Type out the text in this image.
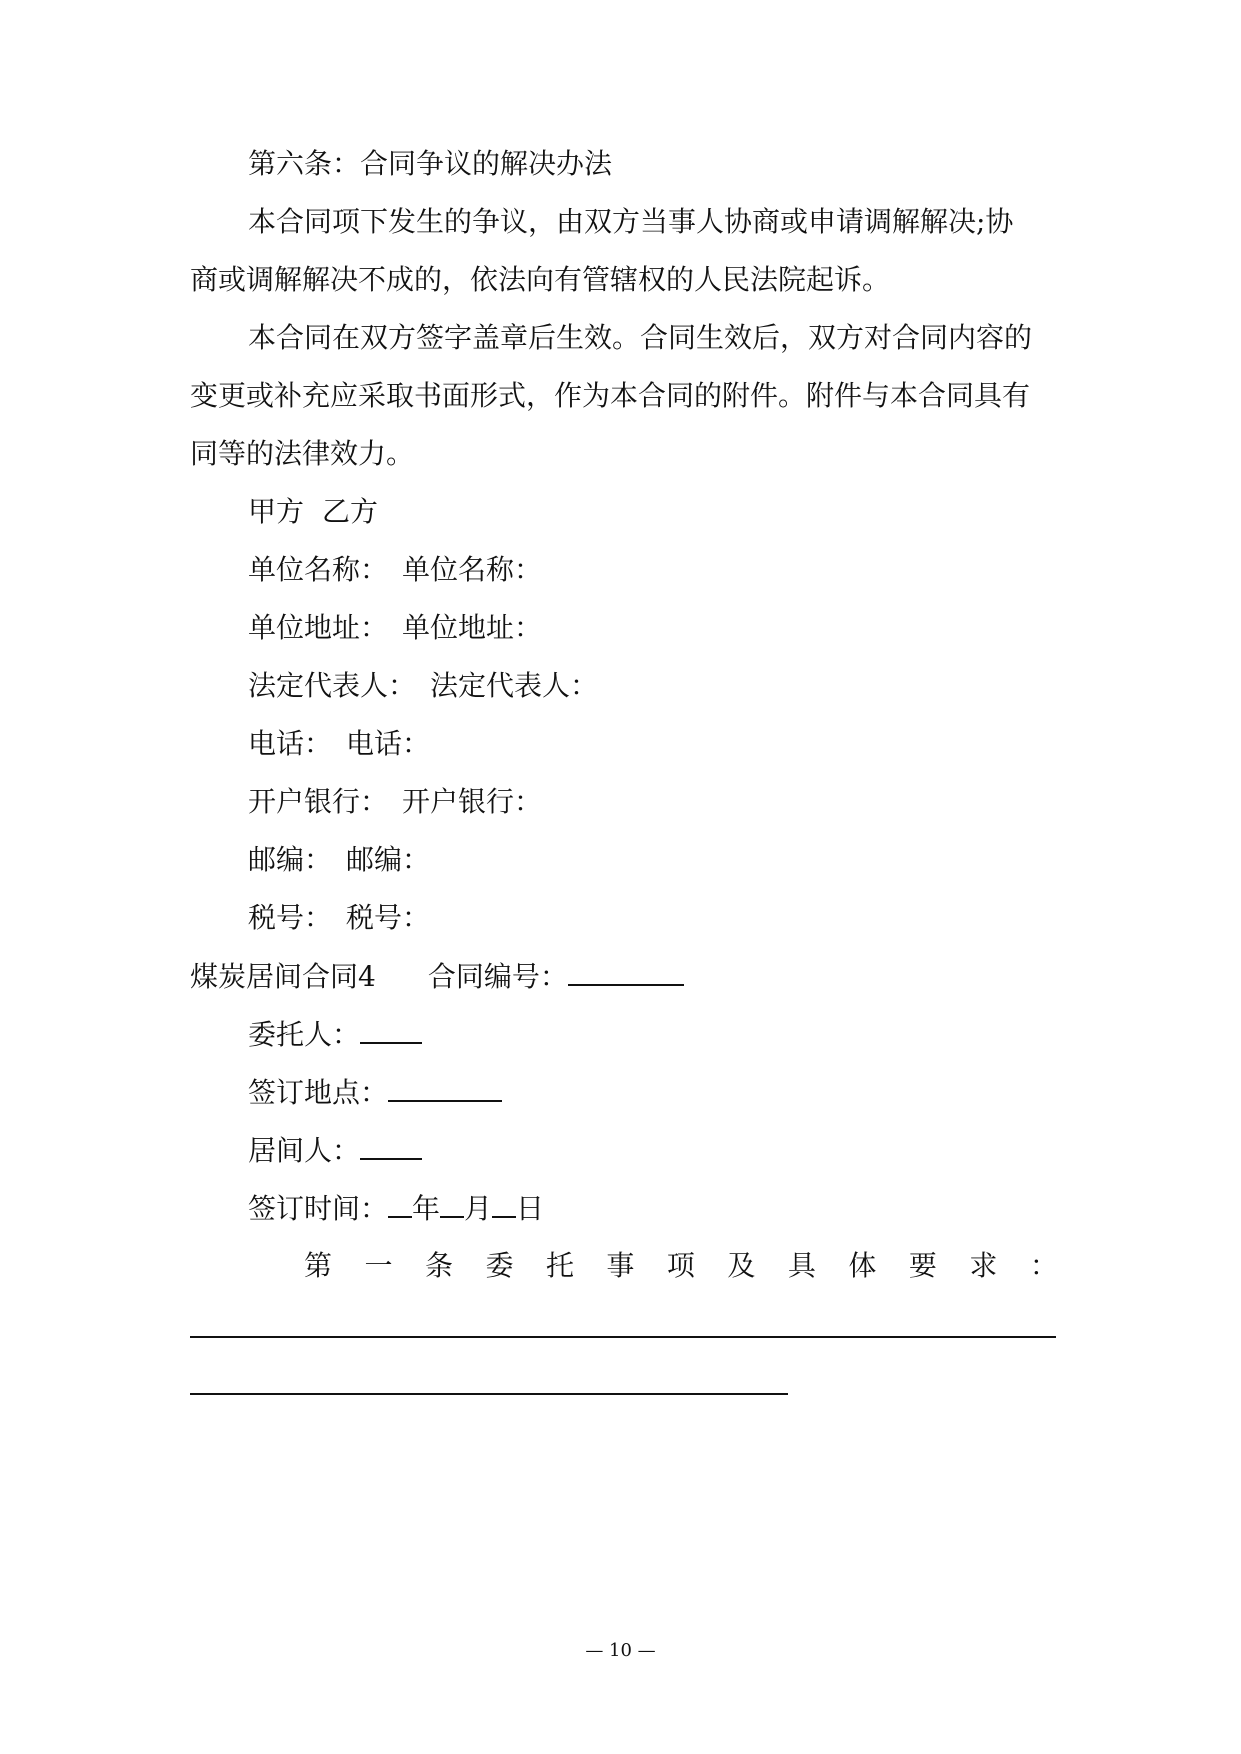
第六条：合同争议的解决办法
本合同项下发生的争议，由双方当事人协商或申请调解解决;协
商或调解解决不成的，依法向有管辖权的人民法院起诉。
本合同在双方签字盖章后生效。合同生效后，双方对合同内容的
变更或补充应采取书面形式，作为本合同的附件。附件与本合同具有
同等的法律效力。
甲方 乙方
单位名称： 单位名称：
单位地址： 单位地址：
法定代表人： 法定代表人：
电话： 电话：
开户银行： 开户银行：
邮编： 邮编：
税号： 税号：
煤炭居间合同4 合同编号：
委托人：
签订地点：
居间人：
签订时间： 年 月 日
第 一 条 委 托 事 项 及 具 体 要 求 ：
— 10 —
